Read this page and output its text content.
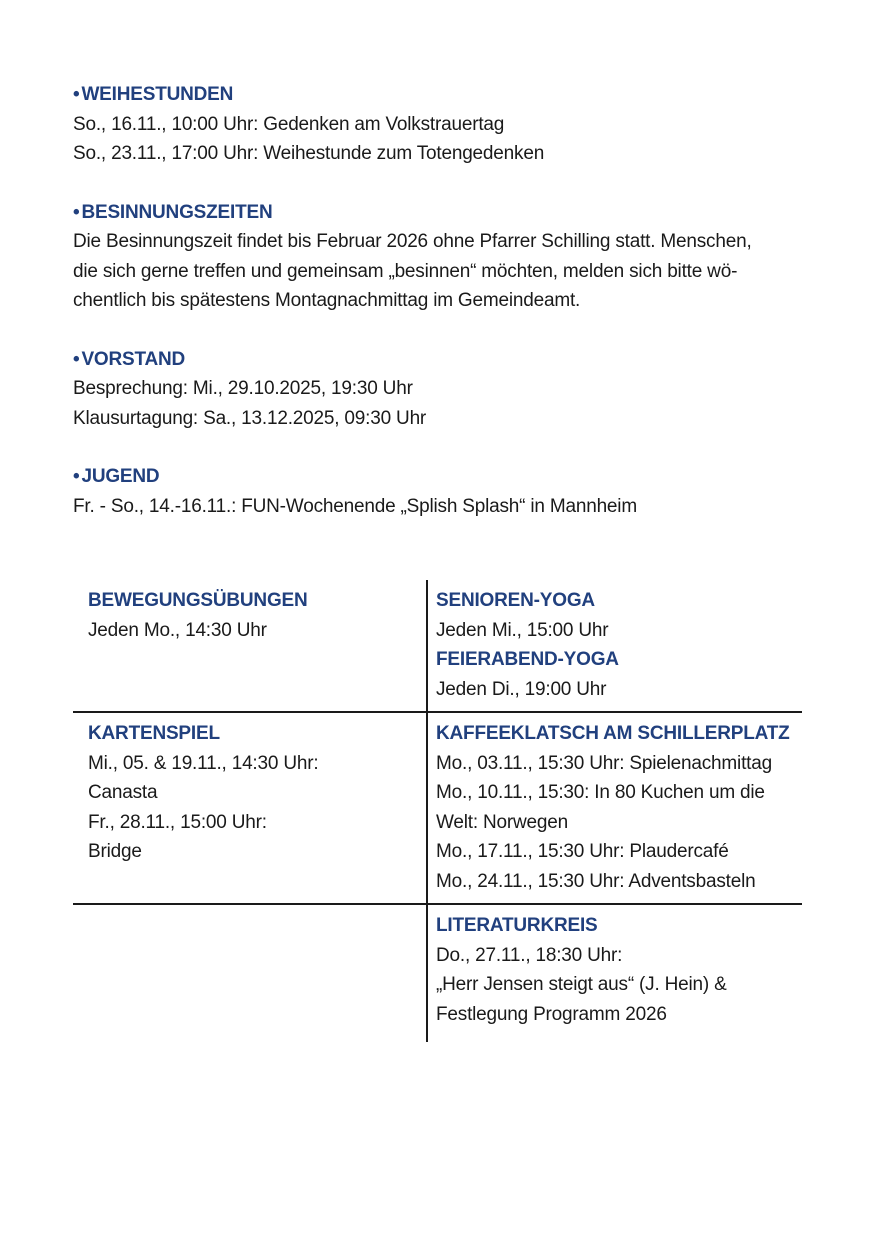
• WEIHESTUNDEN
So., 16.11., 10:00 Uhr: Gedenken am Volkstrauertag
So., 23.11., 17:00 Uhr: Weihestunde zum Totengedenken
• BESINNUNGSZEITEN
Die Besinnungszeit findet bis Februar 2026 ohne Pfarrer Schilling statt. Menschen,
die sich gerne treffen und gemeinsam „besinnen“ möchten, melden sich bitte wö-
chentlich bis spätestens Montagnachmittag im Gemeindeamt.
• VORSTAND
Besprechung: Mi., 29.10.2025, 19:30 Uhr
Klausurtagung: Sa., 13.12.2025, 09:30 Uhr
• JUGEND
Fr. - So., 14.-16.11.: FUN-Wochenende „Splish Splash“ in Mannheim
BEWEGUNGSÜBUNGEN
Jeden Mo., 14:30 Uhr
SENIOREN-YOGA
Jeden Mi., 15:00 Uhr
FEIERABEND-YOGA
Jeden Di., 19:00 Uhr
KARTENSPIEL
Mi., 05. & 19.11., 14:30 Uhr:
Canasta
Fr., 28.11., 15:00 Uhr:
Bridge
KAFFEEKLATSCH AM SCHILLERPLATZ
Mo., 03.11., 15:30 Uhr: Spielenachmittag
Mo., 10.11., 15:30: In 80 Kuchen um die
Welt: Norwegen
Mo., 17.11., 15:30 Uhr: Plaudercafé
Mo., 24.11., 15:30 Uhr: Adventsbasteln
LITERATURKREIS
Do., 27.11., 18:30 Uhr:
„Herr Jensen steigt aus“ (J. Hein) &
Festlegung Programm 2026
